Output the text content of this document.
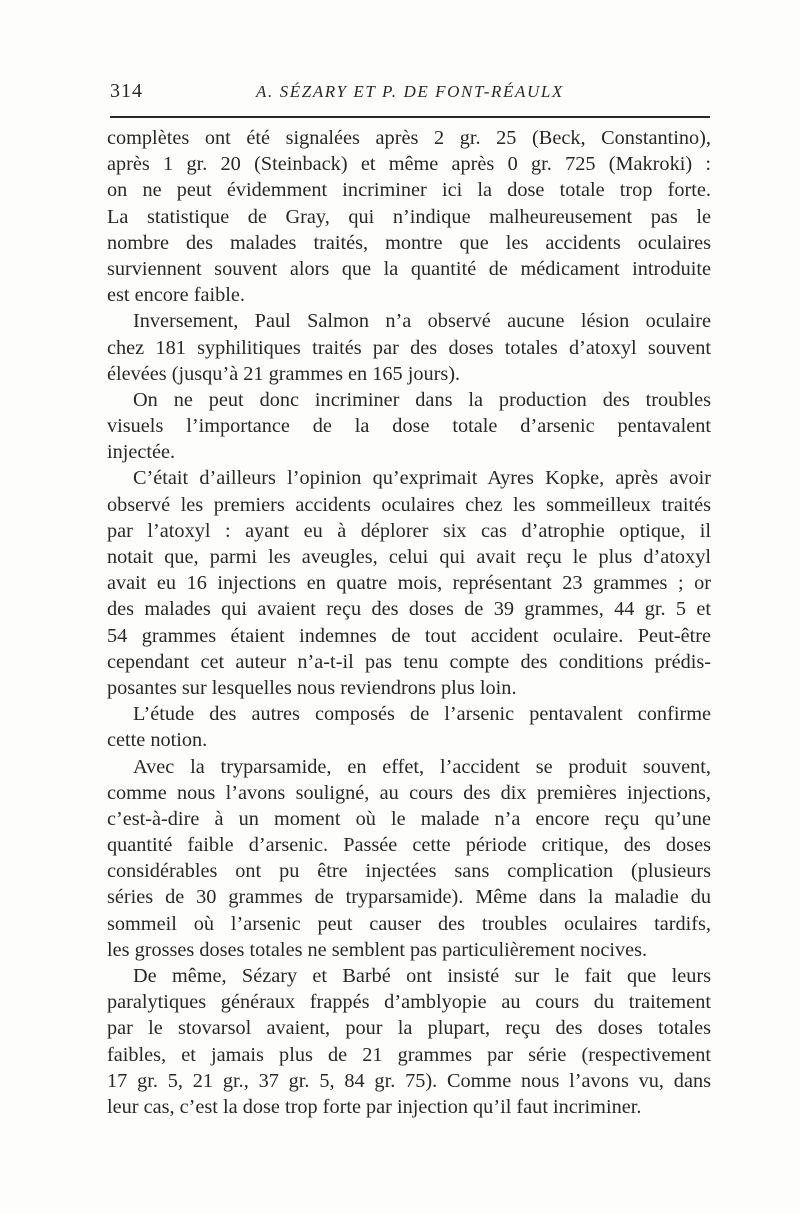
314	A. SÉZARY ET P. DE FONT-RÉAULX
complètes ont été signalées après 2 gr. 25 (Beck, Constantino),
après 1 gr. 20 (Steinback) et même après 0 gr. 725 (Makroki) :
on ne peut évidemment incriminer ici la dose totale trop forte.
La statistique de Gray, qui n’indique malheureusement pas le
nombre des malades traités, montre que les accidents oculaires
surviennent souvent alors que la quantité de médicament introduite
est encore faible.
Inversement, Paul Salmon n’a observé aucune lésion oculaire
chez 181 syphilitiques traités par des doses totales d’atoxyl souvent
élevées (jusqu’à 21 grammes en 165 jours).
On ne peut donc incriminer dans la production des troubles
visuels l’importance de la dose totale d’arsenic pentavalent
injectée.
C’était d’ailleurs l’opinion qu’exprimait Ayres Kopke, après avoir
observé les premiers accidents oculaires chez les sommeilleux traités
par l’atoxyl : ayant eu à déplorer six cas d’atrophie optique, il
notait que, parmi les aveugles, celui qui avait reçu le plus d’atoxyl
avait eu 16 injections en quatre mois, représentant 23 grammes ; or
des malades qui avaient reçu des doses de 39 grammes, 44 gr. 5 et
54 grammes étaient indemnes de tout accident oculaire. Peut-être
cependant cet auteur n’a-t-il pas tenu compte des conditions prédis-
posantes sur lesquelles nous reviendrons plus loin.
L’étude des autres composés de l’arsenic pentavalent confirme
cette notion.
Avec la tryparsamide, en effet, l’accident se produit souvent,
comme nous l’avons souligné, au cours des dix premières injections,
c’est-à-dire à un moment où le malade n’a encore reçu qu’une
quantité faible d’arsenic. Passée cette période critique, des doses
considérables ont pu être injectées sans complication (plusieurs
séries de 30 grammes de tryparsamide). Même dans la maladie du
sommeil où l’arsenic peut causer des troubles oculaires tardifs,
les grosses doses totales ne semblent pas particulièrement nocives.
De même, Sézary et Barbé ont insisté sur le fait que leurs
paralytiques généraux frappés d’amblyopie au cours du traitement
par le stovarsol avaient, pour la plupart, reçu des doses totales
faibles, et jamais plus de 21 grammes par série (respectivement
17 gr. 5, 21 gr., 37 gr. 5, 84 gr. 75). Comme nous l’avons vu, dans
leur cas, c’est la dose trop forte par injection qu’il faut incriminer.
